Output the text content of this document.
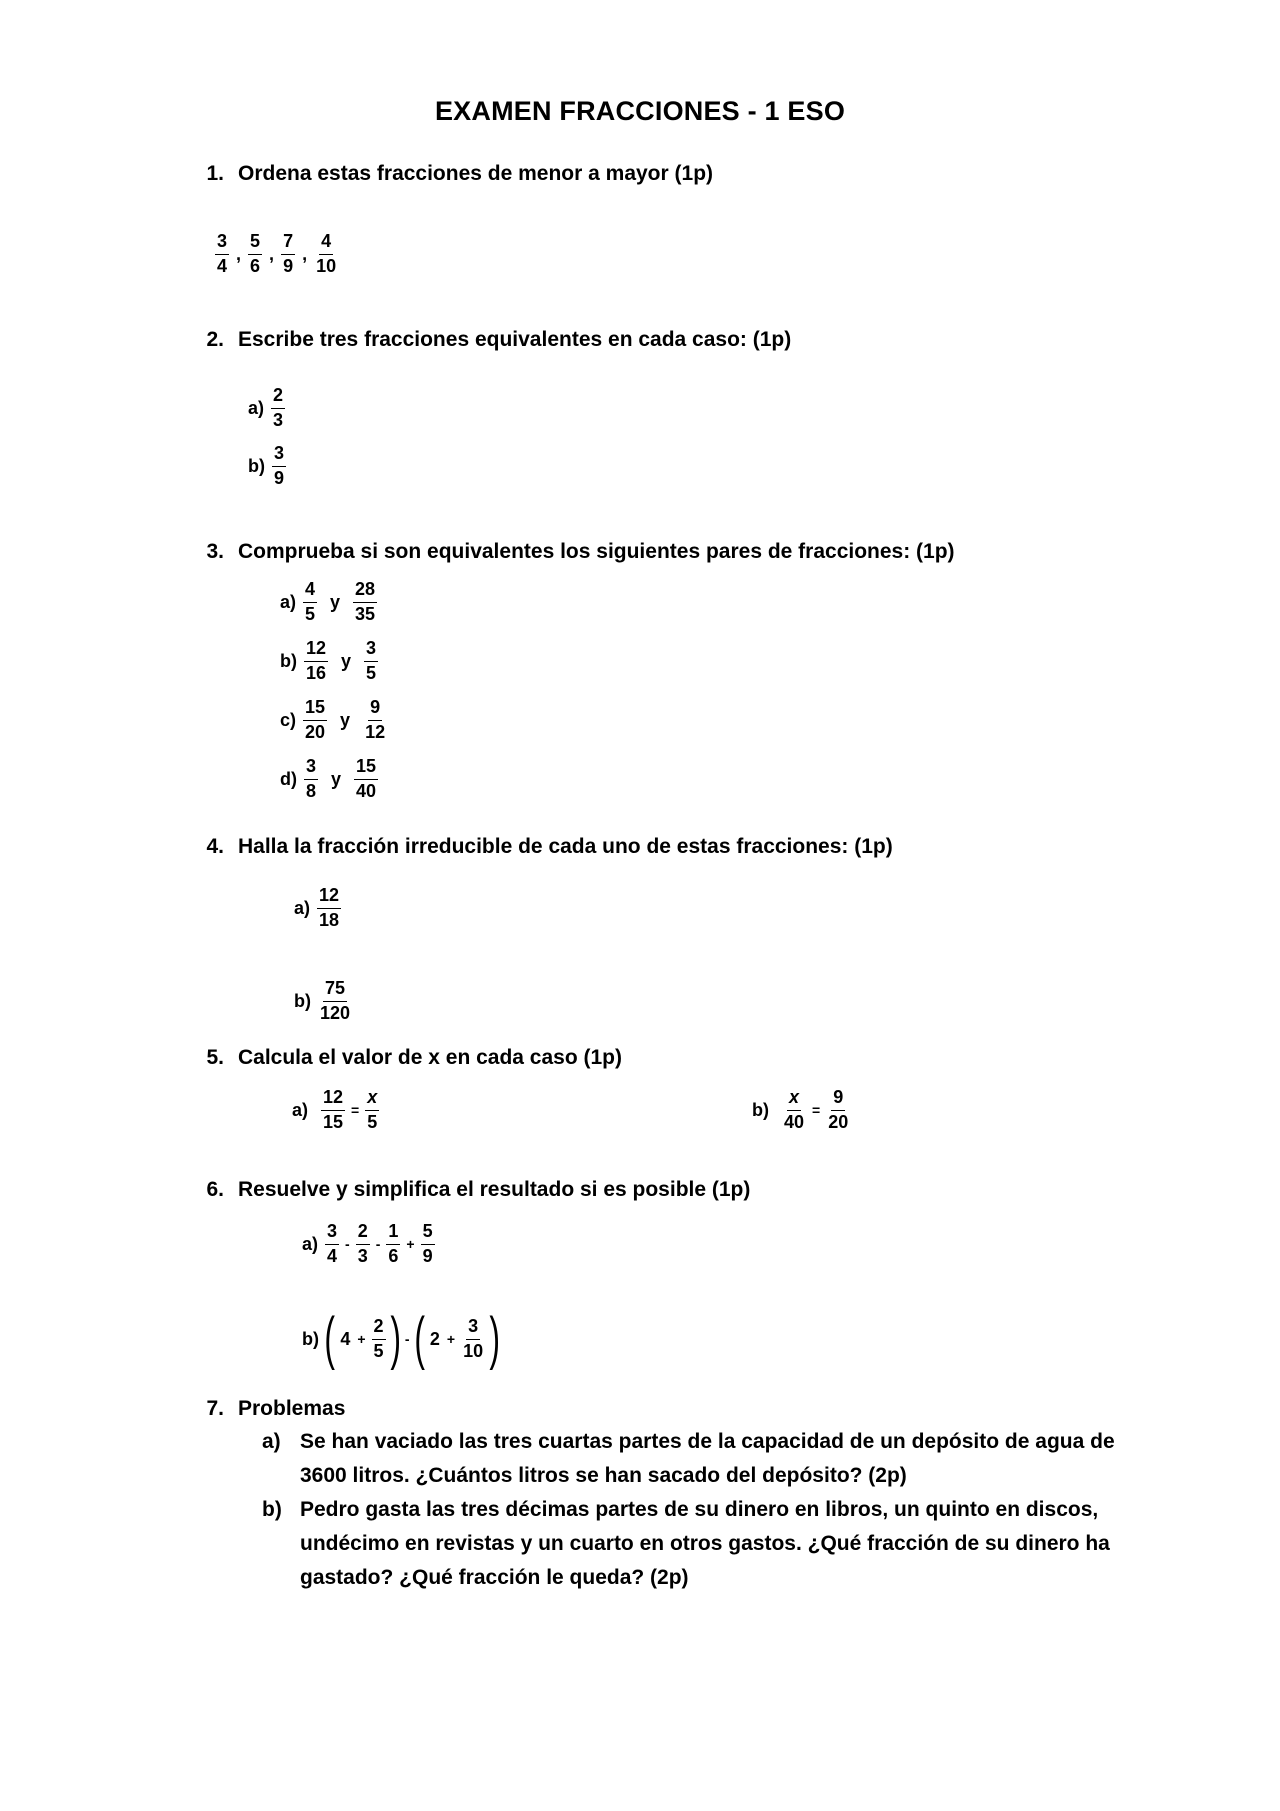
EXAMEN FRACCIONES - 1 ESO
1. Ordena estas fracciones de menor a mayor (1p)
$\frac{3}{4}$ , $\frac{5}{6}$ , $\frac{7}{9}$ , $\frac{4}{10}$
2. Escribe tres fracciones equivalentes en cada caso: (1p)
$a) \frac{2}{3}$
$b) \frac{3}{9}$
3. Comprueba si son equivalentes los siguientes pares de fracciones: (1p)
$a) \frac{4}{5}$ y $\frac{28}{35}$
$b) \frac{12}{16}$ y $\frac{3}{5}$
$c) \frac{15}{20}$ y $\frac{9}{12}$
$d) \frac{3}{8}$ y $\frac{15}{40}$
4. Halla la fracción irreducible de cada uno de estas fracciones: (1p)
$a) \frac{12}{18}$
$b) \frac{75}{120}$
5. Calcula el valor de x en cada caso (1p)
$a) \frac{12}{15} = \frac{x}{5}$	$b) \frac{x}{40} = \frac{9}{20}$
6. Resuelve y simplifica el resultado si es posible (1p)
$a) \frac{3}{4} - \frac{2}{3} - \frac{1}{6} + \frac{5}{9}$
b) ( $4 + \frac{2}{5}$ ) - ( $2 + \frac{3}{10}$ )
7. Problemas
a) Se han vaciado las tres cuartas partes de la capacidad de un depósito de agua de 3600 litros. ¿Cuántos litros se han sacado del depósito? (2p)
b) Pedro gasta las tres décimas partes de su dinero en libros, un quinto en discos, undécimo en revistas y un cuarto en otros gastos. ¿Qué fracción de su dinero ha gastado? ¿Qué fracción le queda? (2p)
